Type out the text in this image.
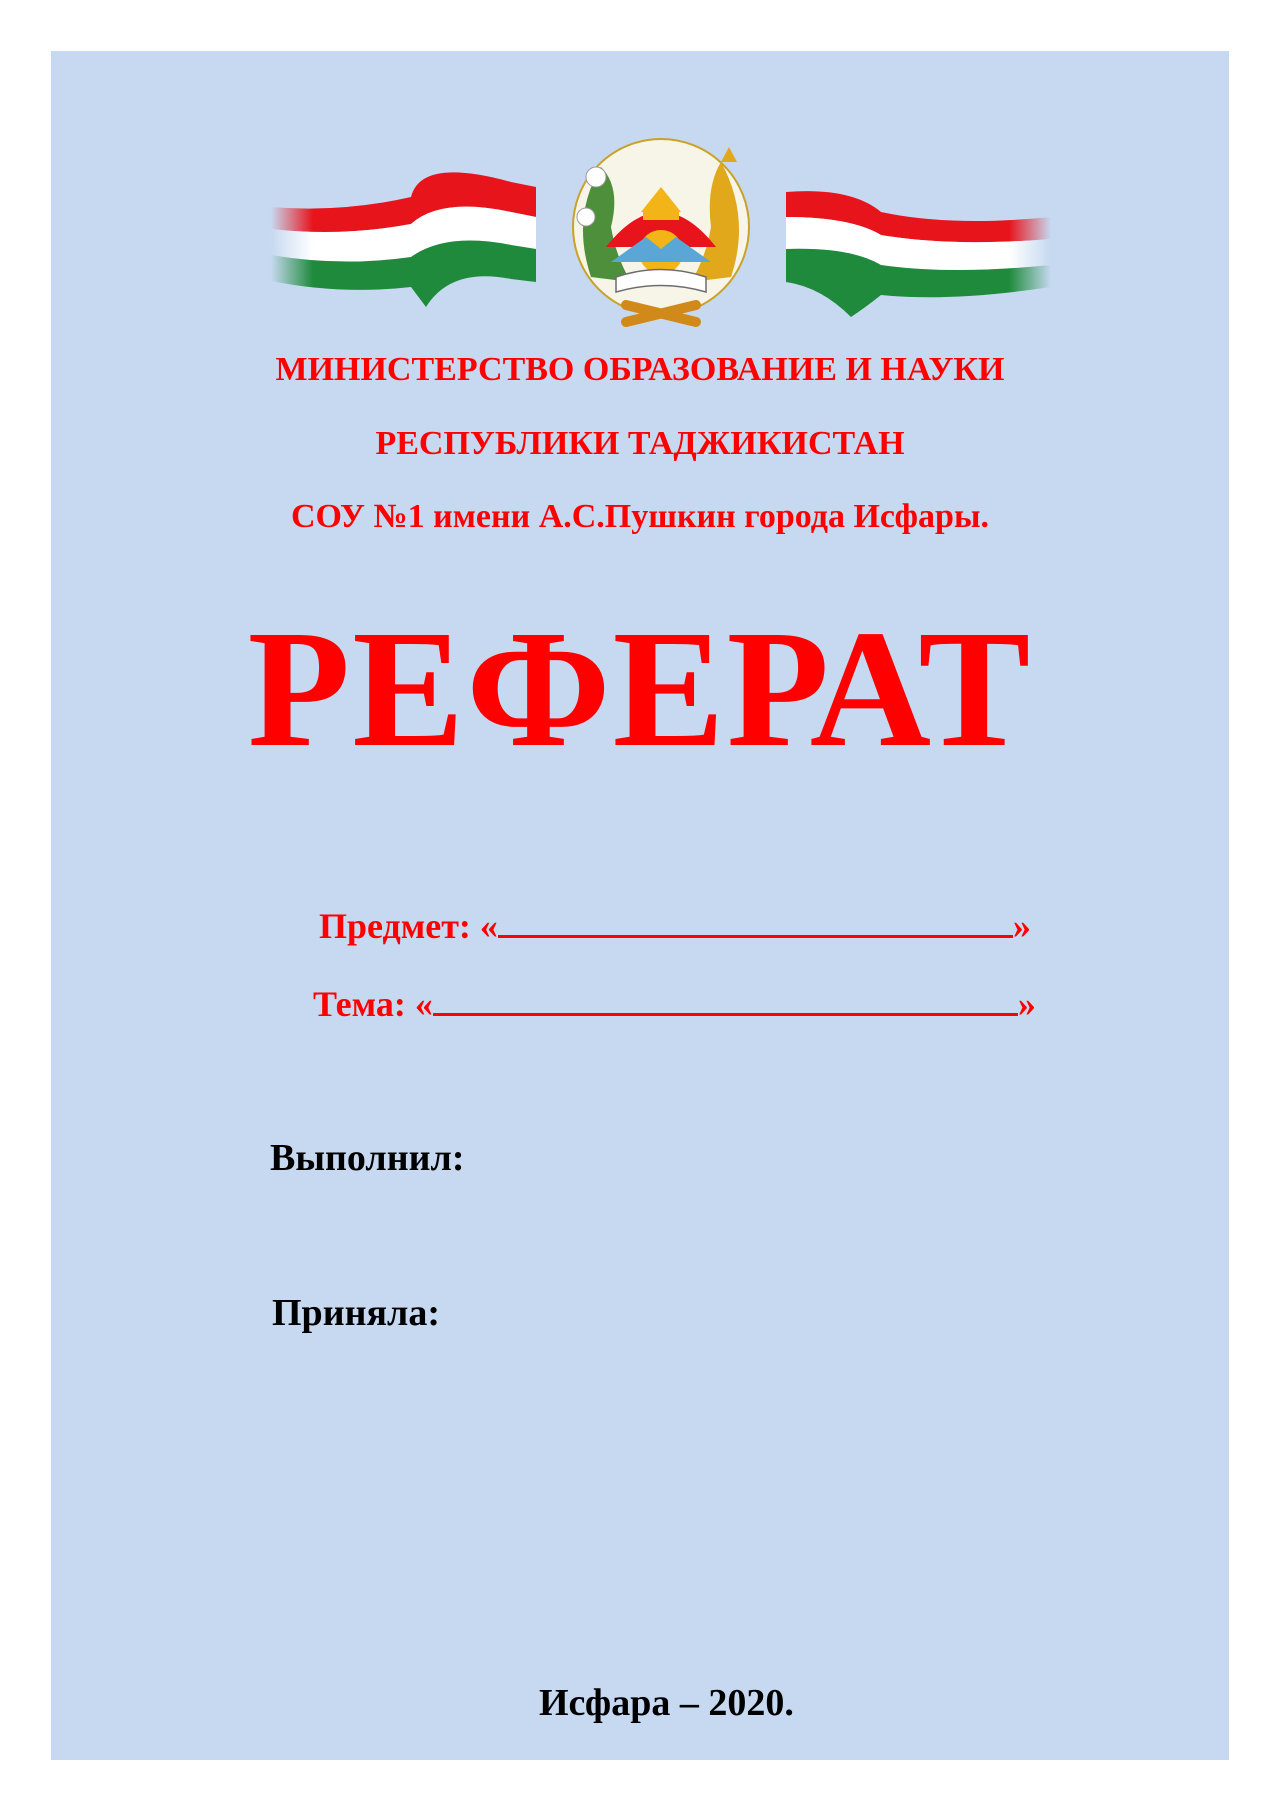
МИНИСТЕРСТВО ОБРАЗОВАНИЕ И НАУКИ
РЕСПУБЛИКИ ТАДЖИКИСТАН
СОУ №1 имени А.С.Пушкин города Исфары.
РЕФЕРАТ
Предмет: «	»
Тема: «	»
Выполнил:
Приняла:
Исфара – 2020.
